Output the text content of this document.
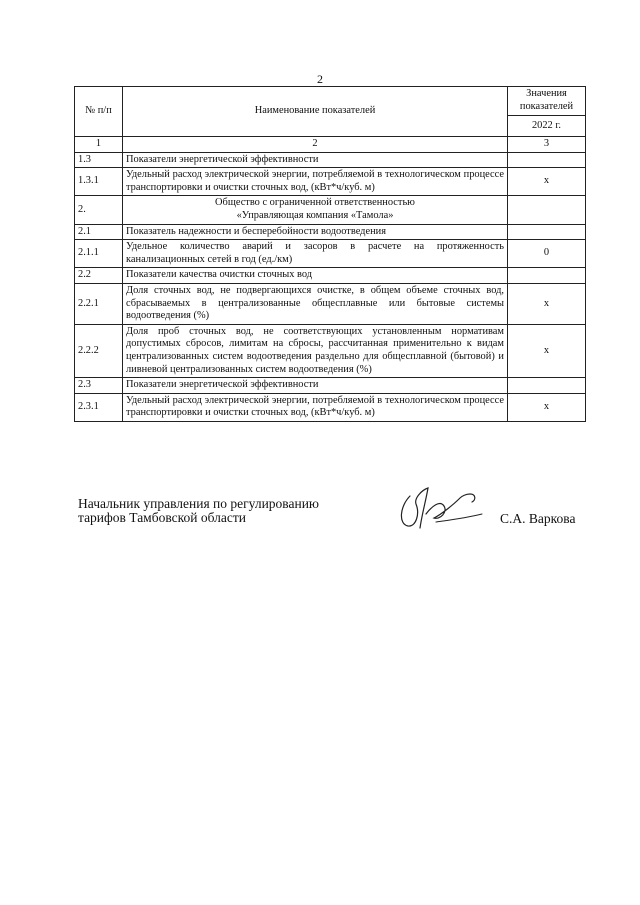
2
№ п/п	Наименование показателей	Значения показателей
		2022 г.
1	2	3
1.3	Показатели энергетической эффективности	
1.3.1	Удельный расход электрической энергии, потребляемой в технологическом процессе транспортировки и очистки сточных вод, (кВт*ч/куб. м)	x
2.	Общество с ограниченной ответственностью
«Управляющая компания «Тамола»	

2.1	Показатель надежности и бесперебойности водоотведения	
2.1.1	Удельное количество аварий и засоров в расчете на протяженность канализационных сетей в год (ед./км)	0
2.2	Показатели качества очистки сточных вод	
2.2.1	Доля сточных вод, не подвергающихся очистке, в общем объеме сточных вод, сбрасываемых в централизованные общесплавные или бытовые системы водоотведения (%)	x
2.2.2	Доля проб сточных вод, не соответствующих установленным нормативам допустимых сбросов, лимитам на сбросы, рассчитанная применительно к видам централизованных систем водоотведения раздельно для общесплавной (бытовой) и ливневой централизованных систем водоотведения (%)	x
2.3	Показатели энергетической эффективности	
2.3.1	Удельный расход электрической энергии, потребляемой в технологическом процессе транспортировки и очистки сточных вод, (кВт*ч/куб. м)	x
Начальник управления по регулированию
тарифов Тамбовской области	С.А. Варкова
